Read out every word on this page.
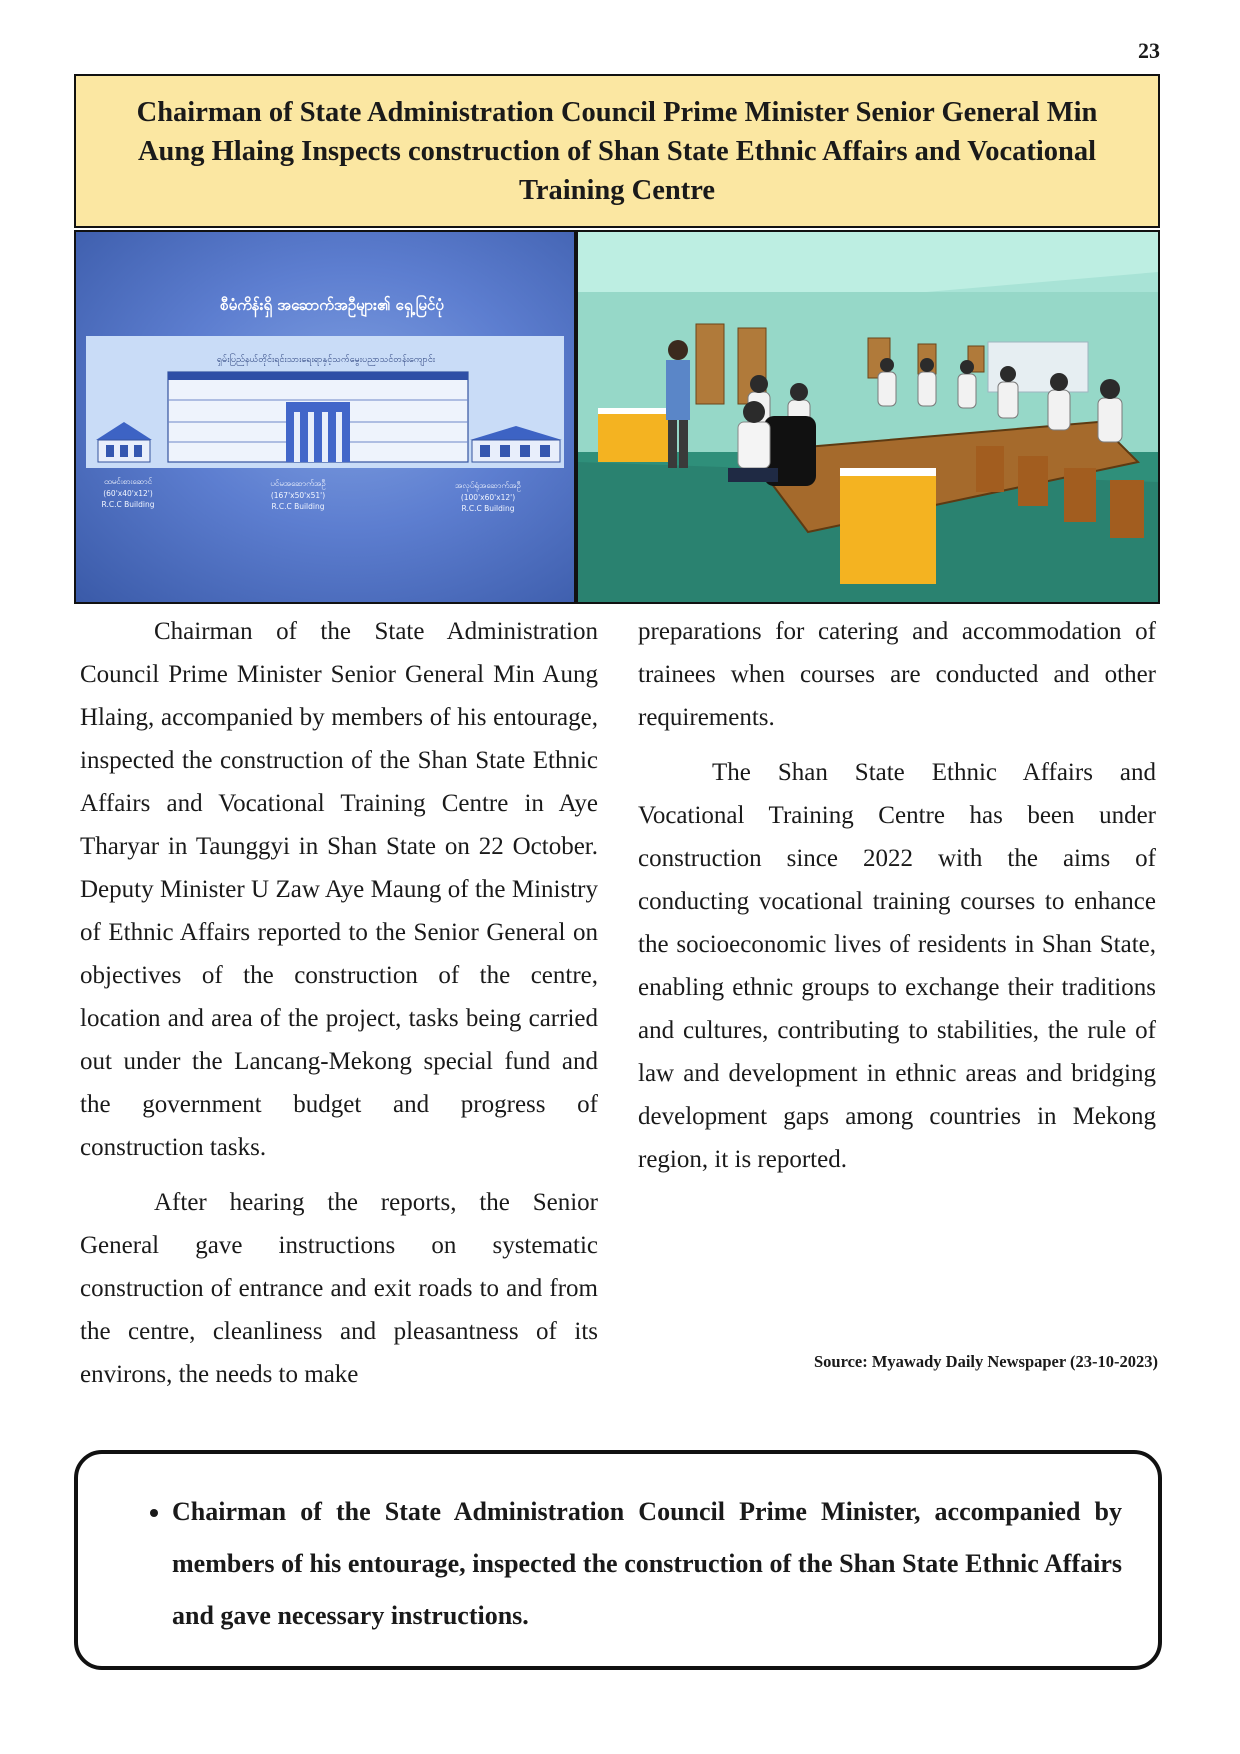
23
Chairman of State Administration Council Prime Minister Senior General Min Aung Hlaing Inspects construction of Shan State Ethnic Affairs and Vocational Training Centre
စီမံကိန်းရှိ အဆောက်အဦများ၏ ရှေ့မြင်ပုံ
ရှမ်းပြည်နယ်တိုင်းရင်းသားရေးရာနှင့်သက်မွေးပညာသင်တန်းကျောင်း
ထမင်းစားဆောင်
(60'x40'x12')
R.C.C Building
ပင်မအဆောက်အဦ
(167'x50'x51')
R.C.C Building
အလုပ်ရုံအဆောက်အဦ
(100'x60'x12')
R.C.C Building

Chairman of the State Administration Council Prime Minister Senior General Min Aung Hlaing, accompanied by members of his entourage, inspected the construction of the Shan State Ethnic Affairs and Vocational Training Centre in Aye Tharyar in Taunggyi in Shan State on 22 October. Deputy Minister U Zaw Aye Maung of the Ministry of Ethnic Affairs reported to the Senior General on objectives of the construction of the centre, location and area of the project, tasks being carried out under the Lancang-Mekong special fund and the government budget and progress of construction tasks.

After hearing the reports, the Senior General gave instructions on systematic construction of entrance and exit roads to and from the centre, cleanliness and pleasantness of its environs, the needs to make

preparations for catering and accommodation of trainees when courses are conducted and other requirements.

The Shan State Ethnic Affairs and Vocational Training Centre has been under construction since 2022 with the aims of conducting vocational training courses to enhance the socioeconomic lives of residents in Shan State, enabling ethnic groups to exchange their traditions and cultures, contributing to stabilities, the rule of law and development in ethnic areas and bridging development gaps among countries in Mekong region, it is reported.

Source: Myawady Daily Newspaper (23-10-2023)
• Chairman of the State Administration Council Prime Minister, accompanied by members of his entourage, inspected the construction of the Shan State Ethnic Affairs and gave necessary instructions.
